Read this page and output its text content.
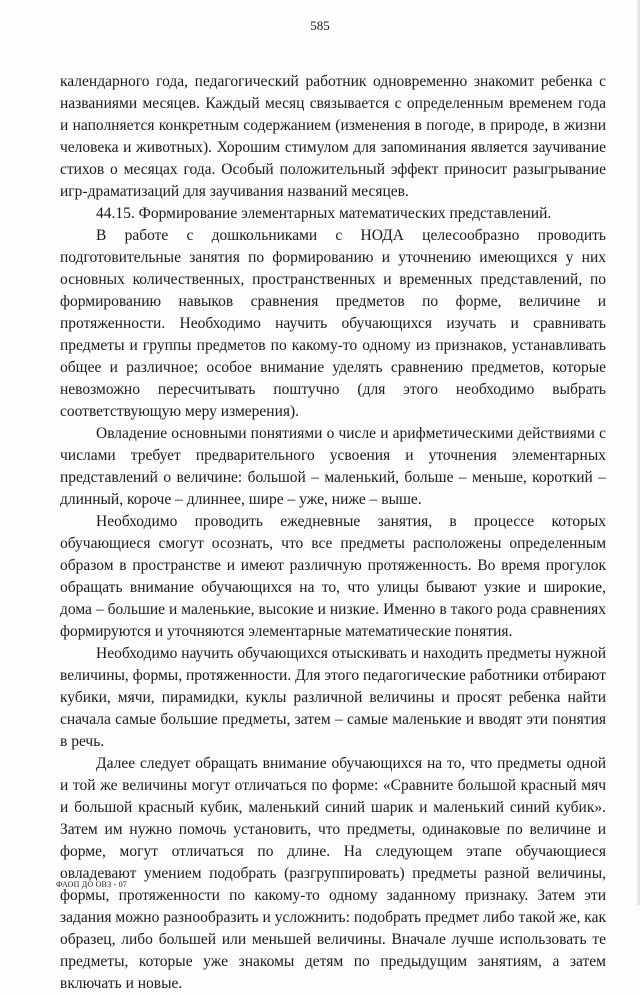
585

календарного года, педагогический работник одновременно знакомит ребенка с названиями месяцев. Каждый месяц связывается с определенным временем года и наполняется конкретным содержанием (изменения в погоде, в природе, в жизни человека и животных). Хорошим стимулом для запоминания является заучивание стихов о месяцах года. Особый положительный эффект приносит разыгрывание игр-драматизаций для заучивания названий месяцев.

44.15. Формирование элементарных математических представлений.

В работе с дошкольниками с НОДА целесообразно проводить подготовительные занятия по формированию и уточнению имеющихся у них основных количественных, пространственных и временных представлений, по формированию навыков сравнения предметов по форме, величине и протяженности. Необходимо научить обучающихся изучать и сравнивать предметы и группы предметов по какому-то одному из признаков, устанавливать общее и различное; особое внимание уделять сравнению предметов, которые невозможно пересчитывать поштучно (для этого необходимо выбрать соответствующую меру измерения).

Овладение основными понятиями о числе и арифметическими действиями с числами требует предварительного усвоения и уточнения элементарных представлений о величине: большой – маленький, больше – меньше, короткий – длинный, короче – длиннее, шире – уже, ниже – выше.

Необходимо проводить ежедневные занятия, в процессе которых обучающиеся смогут осознать, что все предметы расположены определенным образом в пространстве и имеют различную протяженность. Во время прогулок обращать внимание обучающихся на то, что улицы бывают узкие и широкие, дома – большие и маленькие, высокие и низкие. Именно в такого рода сравнениях формируются и уточняются элементарные математические понятия.

Необходимо научить обучающихся отыскивать и находить предметы нужной величины, формы, протяженности. Для этого педагогические работники отбирают кубики, мячи, пирамидки, куклы различной величины и просят ребенка найти сначала самые большие предметы, затем – самые маленькие и вводят эти понятия в речь.

Далее следует обращать внимание обучающихся на то, что предметы одной и той же величины могут отличаться по форме: «Сравните большой красный мяч и большой красный кубик, маленький синий шарик и маленький синий кубик». Затем им нужно помочь установить, что предметы, одинаковые по величине и форме, могут отличаться по длине. На следующем этапе обучающиеся овладевают умением подобрать (разгруппировать) предметы разной величины, формы, протяженности по какому-то одному заданному признаку. Затем эти задания можно разнообразить и усложнить: подобрать предмет либо такой же, как образец, либо большей или меньшей величины. Вначале лучше использовать те предметы, которые уже знакомы детям по предыдущим занятиям, а затем включать и новые.

ФАОП ДО ОВЗ - 07
